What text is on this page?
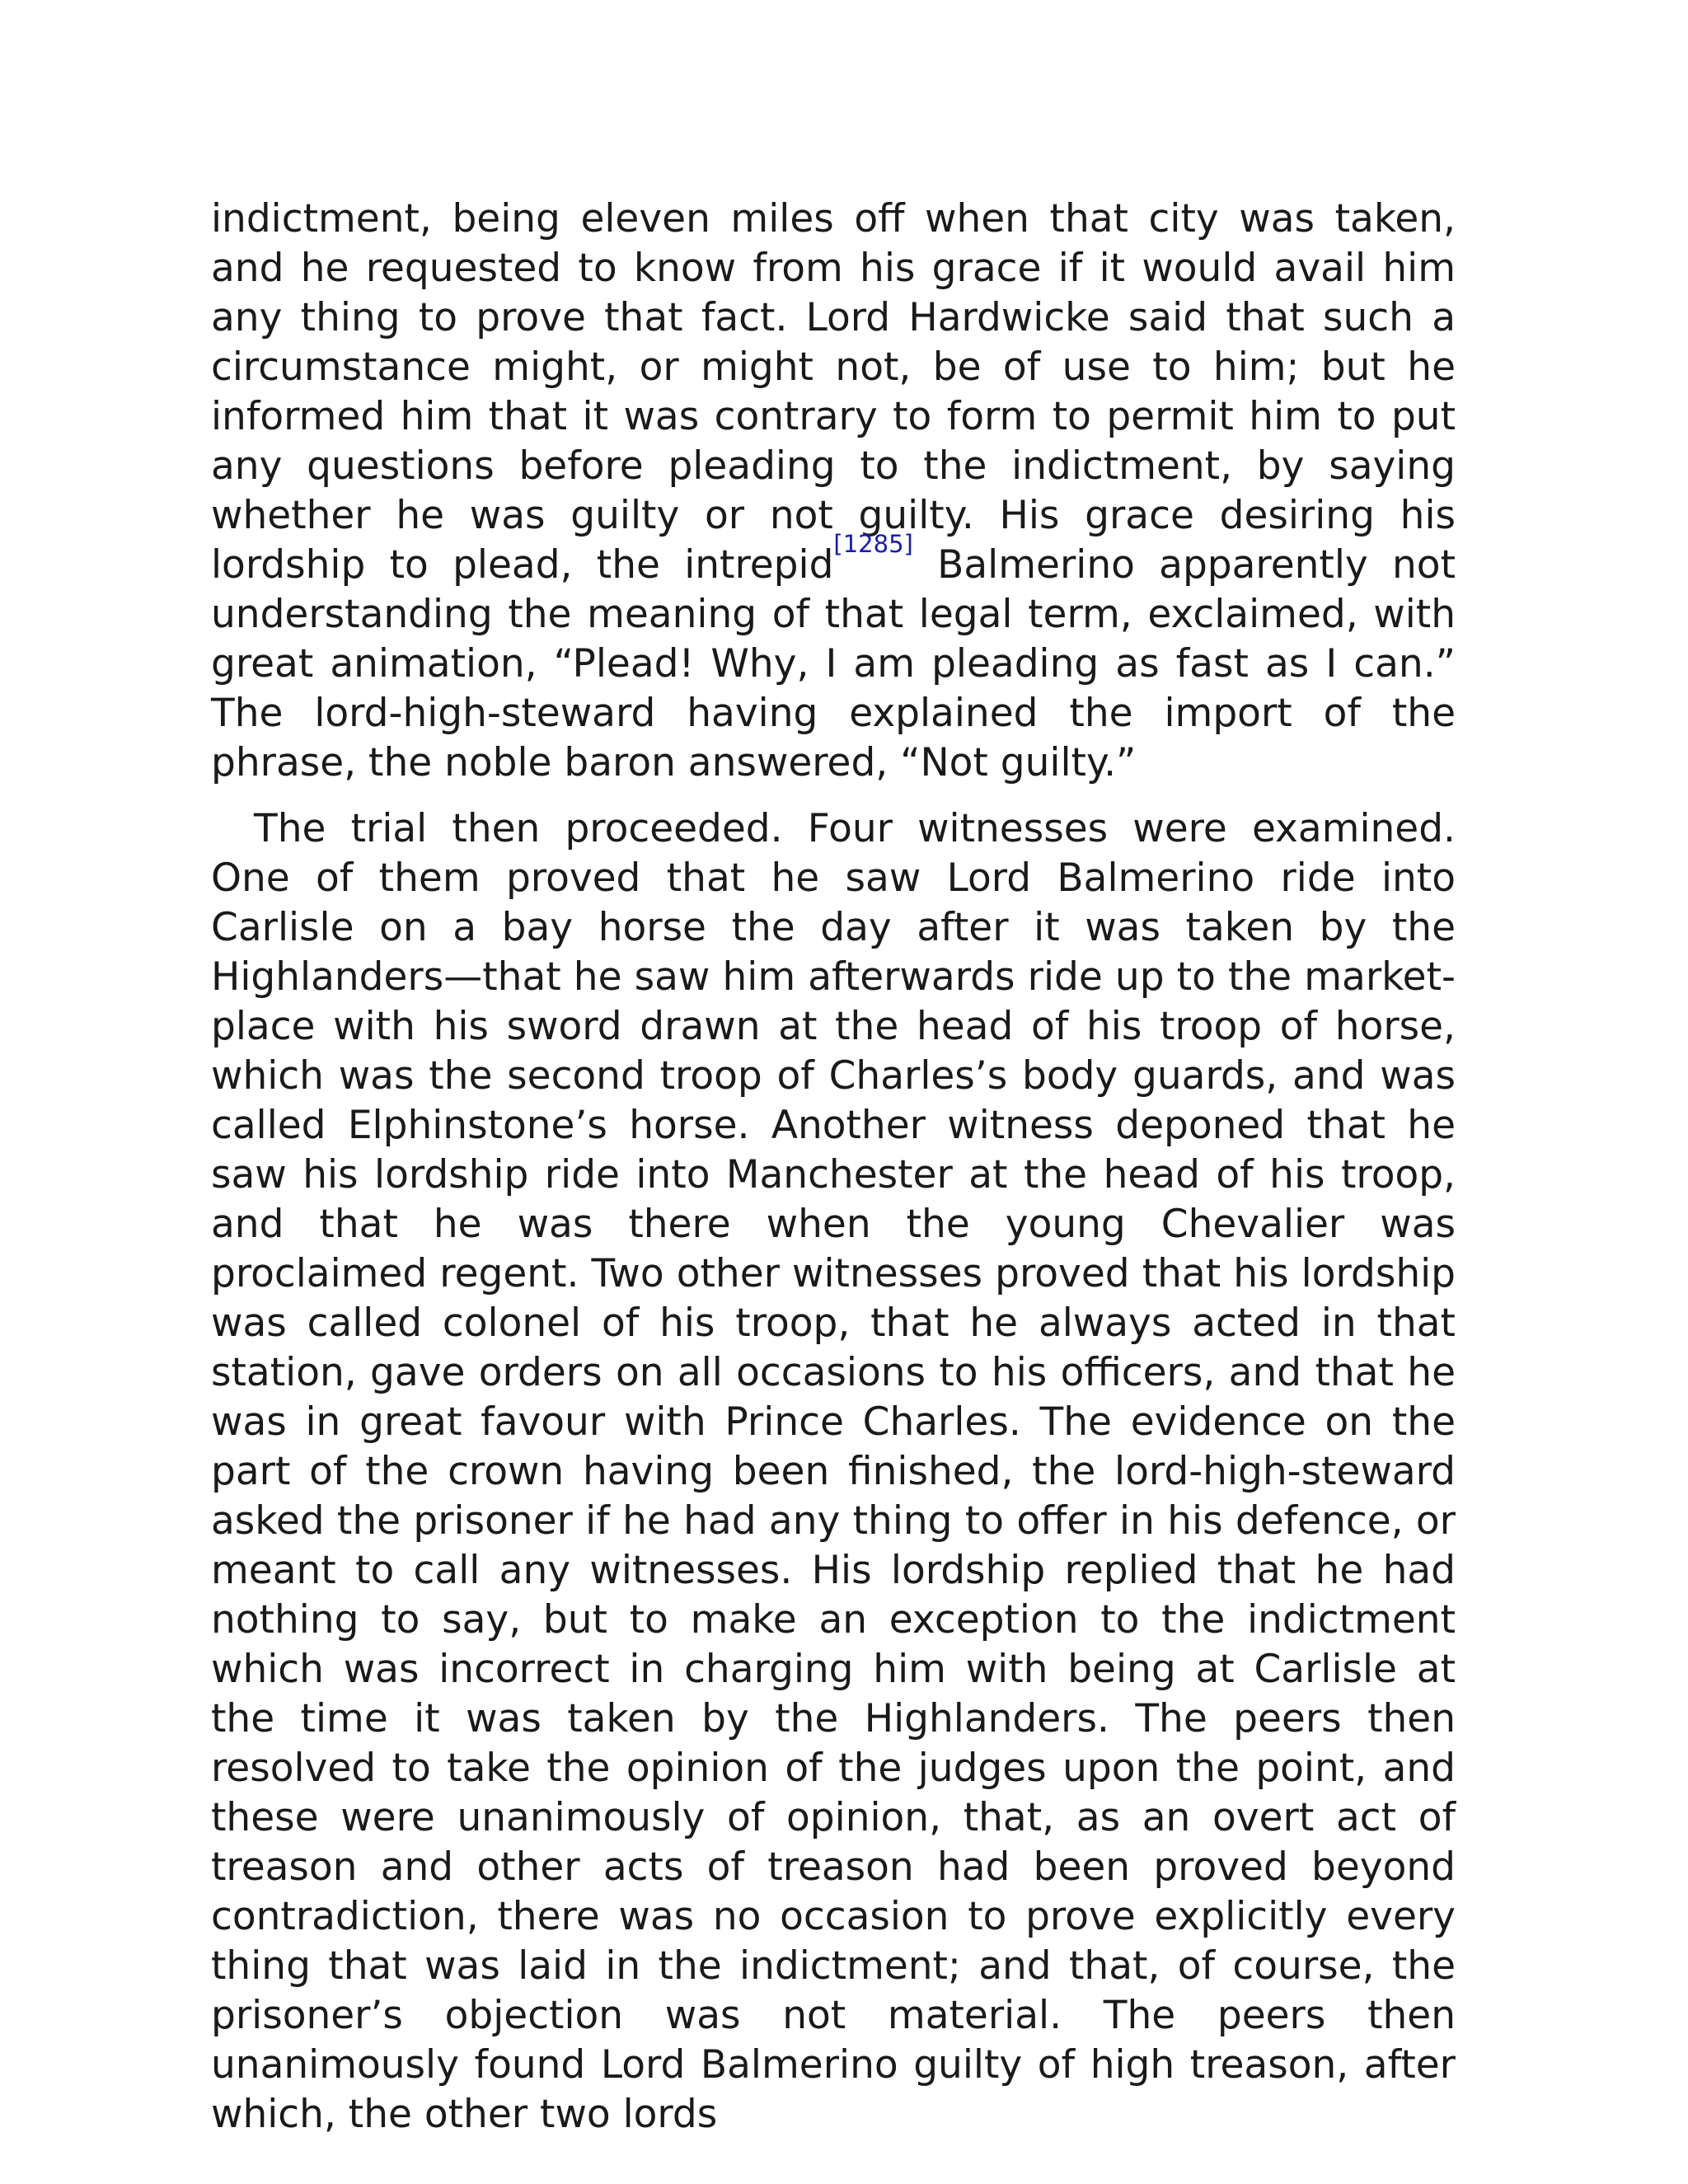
indictment, being eleven miles off when that city was taken, and he requested to know from his grace if it would avail him any thing to prove that fact. Lord Hardwicke said that such a circumstance might, or might not, be of use to him; but he informed him that it was contrary to form to permit him to put any questions before pleading to the indictment, by saying whether he was guilty or not guilty. His grace desiring his lordship to plead, the intrepid[1285] Balmerino apparently not understanding the meaning of that legal term, exclaimed, with great animation, “Plead! Why, I am pleading as fast as I can.” The lord-high-steward having explained the import of the phrase, the noble baron answered, “Not guilty.”

The trial then proceeded. Four witnesses were examined. One of them proved that he saw Lord Balmerino ride into Carlisle on a bay horse the day after it was taken by the Highlanders—that he saw him afterwards ride up to the market-place with his sword drawn at the head of his troop of horse, which was the second troop of Charles’s body guards, and was called Elphinstone’s horse. Another witness deponed that he saw his lordship ride into Manchester at the head of his troop, and that he was there when the young Chevalier was proclaimed regent. Two other witnesses proved that his lordship was called colonel of his troop, that he always acted in that station, gave orders on all occasions to his officers, and that he was in great favour with Prince Charles. The evidence on the part of the crown having been finished, the lord-high-steward asked the prisoner if he had any thing to offer in his defence, or meant to call any witnesses. His lordship replied that he had nothing to say, but to make an exception to the indictment which was incorrect in charging him with being at Carlisle at the time it was taken by the Highlanders. The peers then resolved to take the opinion of the judges upon the point, and these were unanimously of opinion, that, as an overt act of treason and other acts of treason had been proved beyond contradiction, there was no occasion to prove explicitly every thing that was laid in the indictment; and that, of course, the prisoner’s objection was not material. The peers then unanimously found Lord Balmerino guilty of high treason, after which, the other two lords
